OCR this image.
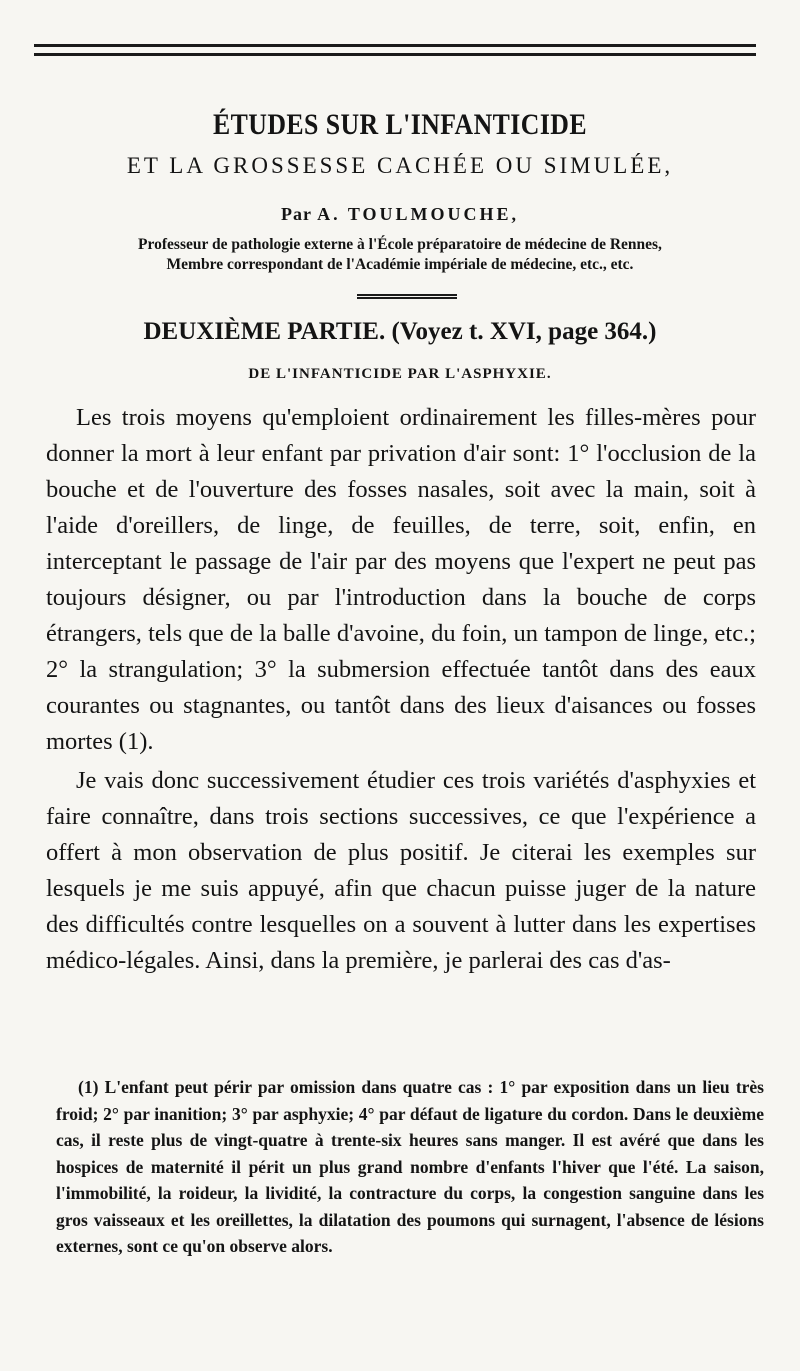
ÉTUDES SUR L'INFANTICIDE
ET LA GROSSESSE CACHÉE OU SIMULÉE,
Par A. TOULMOUCHE,
Professeur de pathologie externe à l'École préparatoire de médecine de Rennes,
Membre correspondant de l'Académie impériale de médecine, etc., etc.
DEUXIÈME PARTIE. (Voyez t. XVI, page 364.)
DE L'INFANTICIDE PAR L'ASPHYXIE.

Les trois moyens qu'emploient ordinairement les filles-mères pour donner la mort à leur enfant par privation d'air sont: 1° l'occlusion de la bouche et de l'ouverture des fosses nasales, soit avec la main, soit à l'aide d'oreillers, de linge, de feuilles, de terre, soit, enfin, en interceptant le passage de l'air par des moyens que l'expert ne peut pas toujours désigner, ou par l'introduction dans la bouche de corps étrangers, tels que de la balle d'avoine, du foin, un tampon de linge, etc.; 2° la strangulation; 3° la submersion effectuée tantôt dans des eaux courantes ou stagnantes, ou tantôt dans des lieux d'aisances ou fosses mortes (1).

Je vais donc successivement étudier ces trois variétés d'asphyxies et faire connaître, dans trois sections successives, ce que l'expérience a offert à mon observation de plus positif. Je citerai les exemples sur lesquels je me suis appuyé, afin que chacun puisse juger de la nature des difficultés contre lesquelles on a souvent à lutter dans les expertises médico-légales. Ainsi, dans la première, je parlerai des cas d'as-

(1) L'enfant peut périr par omission dans quatre cas : 1° par exposition dans un lieu très froid; 2° par inanition; 3° par asphyxie; 4° par défaut de ligature du cordon. Dans le deuxième cas, il reste plus de vingt-quatre à trente-six heures sans manger. Il est avéré que dans les hospices de maternité il périt un plus grand nombre d'enfants l'hiver que l'été. La saison, l'immobilité, la roideur, la lividité, la contracture du corps, la congestion sanguine dans les gros vaisseaux et les oreillettes, la dilatation des poumons qui surnagent, l'absence de lésions externes, sont ce qu'on observe alors.
